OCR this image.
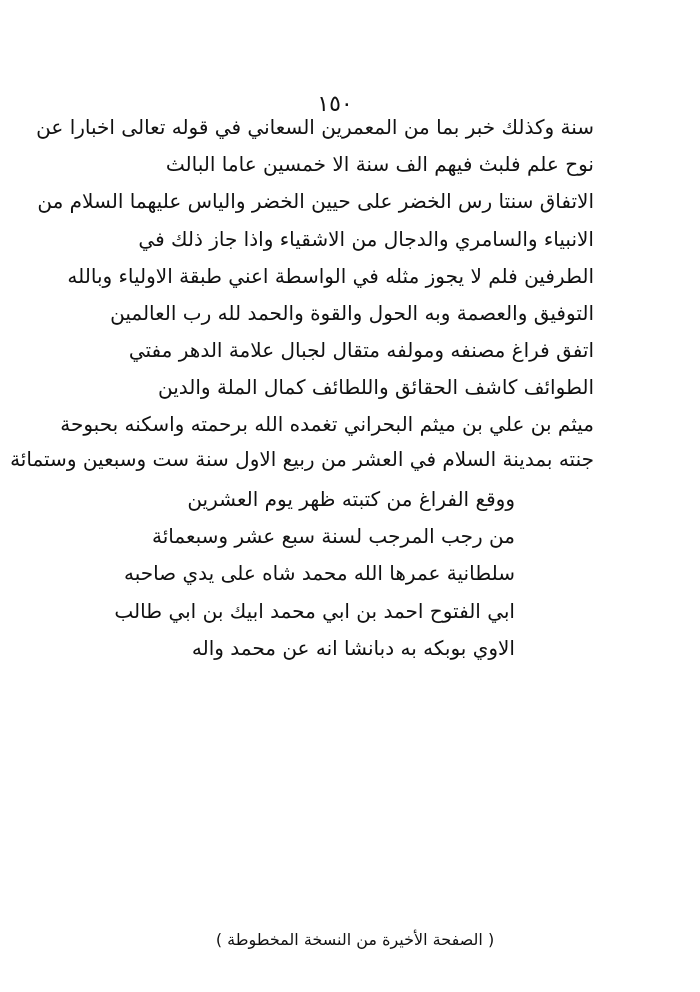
١٥٠
سنة وكذلك خبر بما من المعمرين السعاني في قوله تعالى اخبارا عن
نوح علم فلبث فيهم الف سنة الا خمسين عاما البالث
الاتفاق سنتا رس الخضر على حيين الخضر والياس عليهما السلام من
الانبياء والسامري والدجال من الاشقياء واذا جاز ذلك في
الطرفين فلم لا يجوز مثله في الواسطة اعني طبقة الاولياء وبالله
التوفيق والعصمة وبه الحول والقوة والحمد لله رب العالمين
اتفق فراغ مصنفه ومولفه متقال لجبال علامة الدهر مفتي
الطوائف كاشف الحقائق واللطائف كمال الملة والدين
ميثم بن علي بن ميثم البحراني تغمده الله برحمته واسكنه بحبوحة
جنته بمدينة السلام في العشر من ربيع الاول سنة ست وسبعين وستمائة
ووقع الفراغ من كتبته ظهر يوم العشرين
من رجب المرجب لسنة سبع عشر وسبعمائة
سلطانية عمرها الله محمد شاه على يدي صاحبه
ابي الفتوح احمد بن ابي محمد ابيك بن ابي طالب
الاوي بوبكه به دبانشا انه عن محمد واله
( الصفحة الأخيرة من النسخة المخطوطة )
